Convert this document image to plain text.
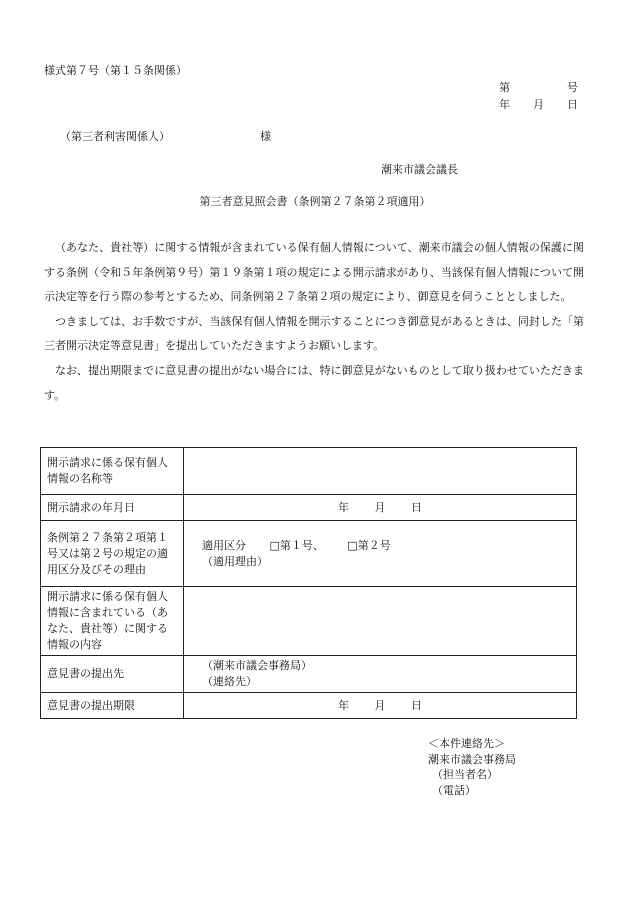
様式第７号（第１５条関係）
第	号
年 月 日
（第三者利害関係人）	様
潮来市議会議長
第三者意見照会書（条例第２７条第２項適用）

（あなた、貴社等）に関する情報が含まれている保有個人情報について、潮来市議会の個人情報の保護に関する条例（令和５年条例第９号）第１９条第１項の規定による開示請求があり、当該保有個人情報について開示決定等を行う際の参考とするため、同条例第２７条第２項の規定により、御意見を伺うこととしました。

つきましては、お手数ですが、当該保有個人情報を開示することにつき御意見があるときは、同封した「第三者開示決定等意見書」を提出していただきますようお願いします。

なお、提出期限までに意見書の提出がない場合には、特に御意見がないものとして取り扱わせていただきます。

開示請求に係る保有個人情報の名称等	
開示請求の年月日	年 月 日
条例第２７条第２項第１号又は第２号の規定の適用区分及びその理由	適用区分 □第１号、 □第２号
（適用理由）

開示請求に係る保有個人情報に含まれている（あなた、貴社等）に関する情報の内容	
意見書の提出先	（潮来市議会事務局）
（連絡先）

意見書の提出期限	年 月 日
＜本件連絡先＞
潮来市議会事務局
（担当者名）
（電話）
